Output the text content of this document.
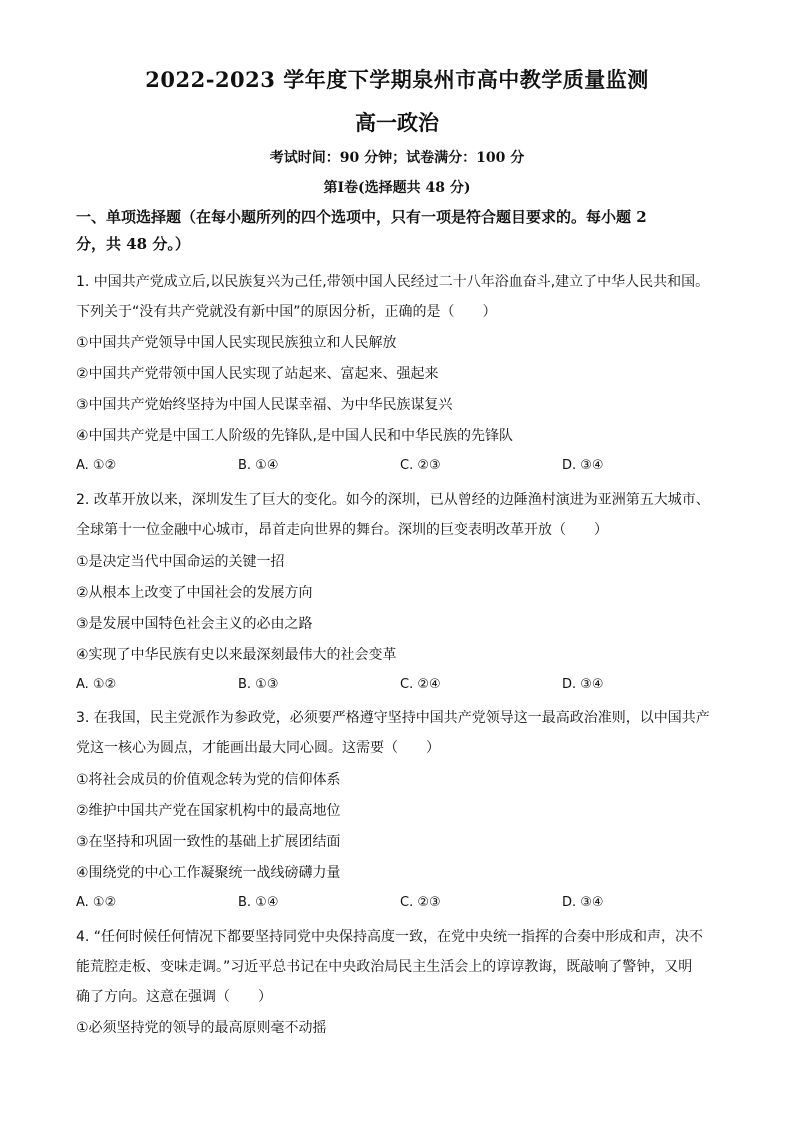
2022-2023 学年度下学期泉州市高中教学质量监测
高一政治
考试时间：90 分钟；试卷满分：100 分
第Ⅰ卷(选择题共 48 分)
一、单项选择题（在每小题所列的四个选项中，只有一项是符合题目要求的。每小题 2
分，共 48 分。）
1. 中国共产党成立后,以民族复兴为己任,带领中国人民经过二十八年浴血奋斗,建立了中华人民共和国。
下列关于“没有共产党就没有新中国”的原因分析，正确的是（　　）
①中国共产党领导中国人民实现民族独立和人民解放
②中国共产党带领中国人民实现了站起来、富起来、强起来
③中国共产党始终坚持为中国人民谋幸福、为中华民族谋复兴
④中国共产党是中国工人阶级的先锋队,是中国人民和中华民族的先锋队
A. ①②	B. ①④	C. ②③	D. ③④
2. 改革开放以来，深圳发生了巨大的变化。如今的深圳，已从曾经的边陲渔村演进为亚洲第五大城市、
全球第十一位金融中心城市，昂首走向世界的舞台。深圳的巨变表明改革开放（　　）
①是决定当代中国命运的关键一招
②从根本上改变了中国社会的发展方向
③是发展中国特色社会主义的必由之路
④实现了中华民族有史以来最深刻最伟大的社会变革
A. ①②	B. ①③	C. ②④	D. ③④
3. 在我国，民主党派作为参政党，必须要严格遵守坚持中国共产党领导这一最高政治准则，以中国共产
党这一核心为圆点，才能画出最大同心圆。这需要（　　）
①将社会成员的价值观念转为党的信仰体系
②维护中国共产党在国家机构中的最高地位
③在坚持和巩固一致性的基础上扩展团结面
④围绕党的中心工作凝聚统一战线磅礴力量
A. ①②	B. ①④	C. ②③	D. ③④
4. “任何时候任何情况下都要坚持同党中央保持高度一致，在党中央统一指挥的合奏中形成和声，决不
能荒腔走板、变味走调。”习近平总书记在中央政治局民主生活会上的谆谆教诲，既敲响了警钟，又明
确了方向。这意在强调（　　）
①必须坚持党的领导的最高原则毫不动摇
